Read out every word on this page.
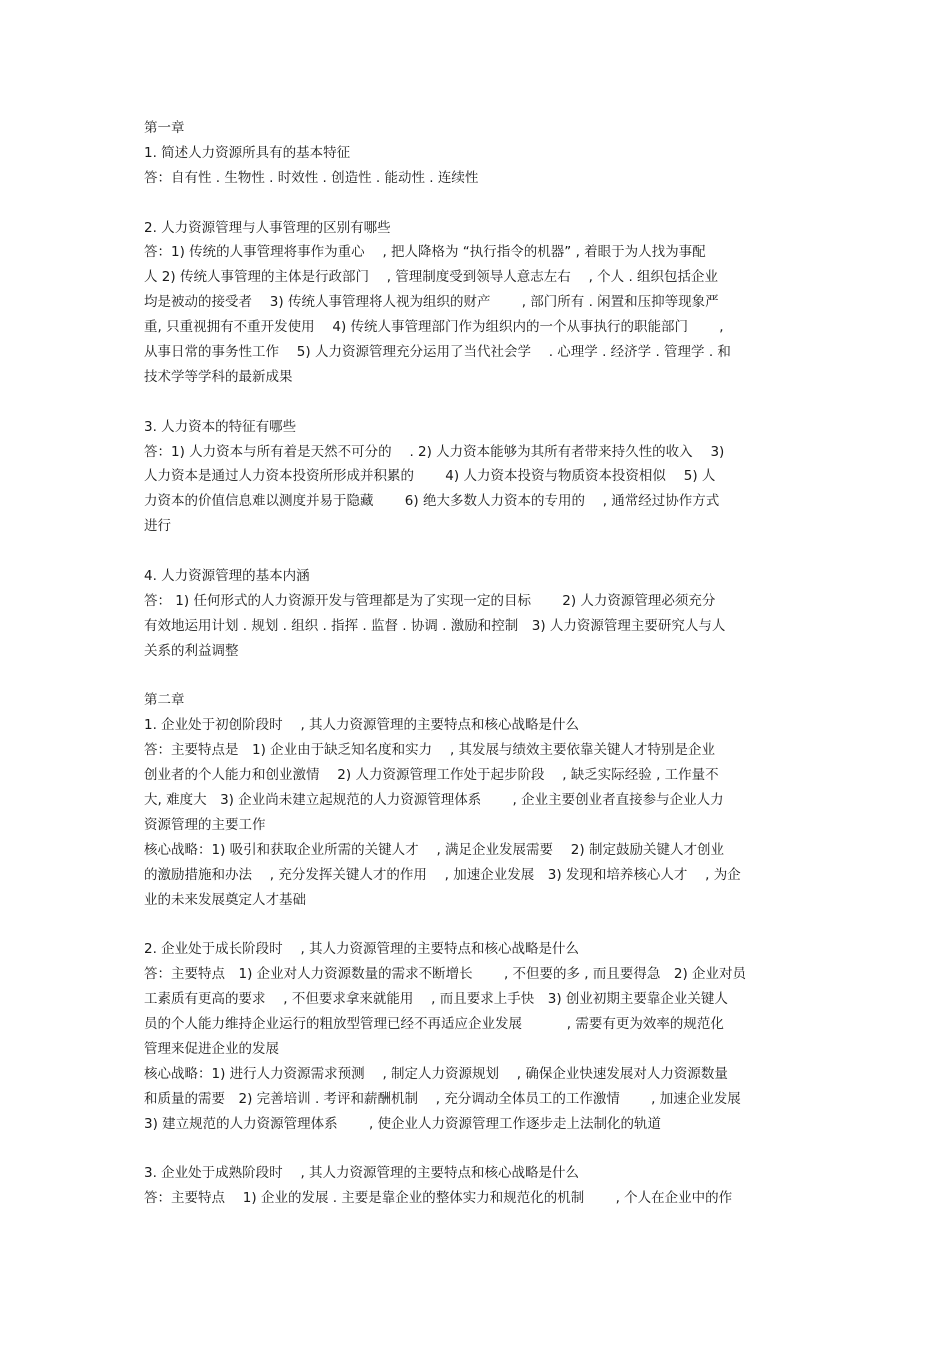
第一章
1. 简述人力资源所具有的基本特征
答：自有性 . 生物性 . 时效性 . 创造性 . 能动性 . 连续性
2. 人力资源管理与人事管理的区别有哪些
答：1) 传统的人事管理将事作为重心　 , 把人降格为 “执行指令的机器” , 着眼于为人找为事配
人 2) 传统人事管理的主体是行政部门　 , 管理制度受到领导人意志左右　 , 个人 . 组织包括企业
均是被动的接受者　 3) 传统人事管理将人视为组织的财产　　 , 部门所有 . 闲置和压抑等现象严
重, 只重视拥有不重开发使用　 4) 传统人事管理部门作为组织内的一个从事执行的职能部门　　 ,
从事日常的事务性工作　 5) 人力资源管理充分运用了当代社会学　 . 心理学 . 经济学 . 管理学 . 和
技术学等学科的最新成果
3. 人力资本的特征有哪些
答：1) 人力资本与所有着是天然不可分的　 . 2) 人力资本能够为其所有者带来持久性的收入　 3)
人力资本是通过人力资本投资所形成并积累的　　 4) 人力资本投资与物质资本投资相似　 5) 人
力资本的价值信息难以测度并易于隐藏　　 6) 绝大多数人力资本的专用的　 , 通常经过协作方式
进行
4. 人力资源管理的基本内涵
答： 1) 任何形式的人力资源开发与管理都是为了实现一定的目标　　 2) 人力资源管理必须充分
有效地运用计划 . 规划 . 组织 . 指挥 . 监督 . 协调 . 激励和控制　3) 人力资源管理主要研究人与人
关系的利益调整
第二章
1. 企业处于初创阶段时　 , 其人力资源管理的主要特点和核心战略是什么
答：主要特点是　1) 企业由于缺乏知名度和实力　 , 其发展与绩效主要依靠关键人才特别是企业
创业者的个人能力和创业激情　 2) 人力资源管理工作处于起步阶段　 , 缺乏实际经验 , 工作量不
大, 难度大　3) 企业尚未建立起规范的人力资源管理体系　　 , 企业主要创业者直接参与企业人力
资源管理的主要工作
核心战略：1) 吸引和获取企业所需的关键人才　 , 满足企业发展需要　 2) 制定鼓励关键人才创业
的激励措施和办法　 , 充分发挥关键人才的作用　 , 加速企业发展　3) 发现和培养核心人才　 , 为企
业的未来发展奠定人才基础
2. 企业处于成长阶段时　 , 其人力资源管理的主要特点和核心战略是什么
答：主要特点　1) 企业对人力资源数量的需求不断增长　　 , 不但要的多 , 而且要得急　2) 企业对员
工素质有更高的要求　 , 不但要求拿来就能用　 , 而且要求上手快　3) 创业初期主要靠企业关键人
员的个人能力维持企业运行的粗放型管理已经不再适应企业发展　　　 , 需要有更为效率的规范化
管理来促进企业的发展
核心战略：1) 进行人力资源需求预测　 , 制定人力资源规划　 , 确保企业快速发展对人力资源数量
和质量的需要　2) 完善培训 . 考评和薪酬机制　 , 充分调动全体员工的工作激情　　 , 加速企业发展
3) 建立规范的人力资源管理体系　　 , 使企业人力资源管理工作逐步走上法制化的轨道
3. 企业处于成熟阶段时　 , 其人力资源管理的主要特点和核心战略是什么
答：主要特点　 1) 企业的发展 . 主要是靠企业的整体实力和规范化的机制　　 , 个人在企业中的作
